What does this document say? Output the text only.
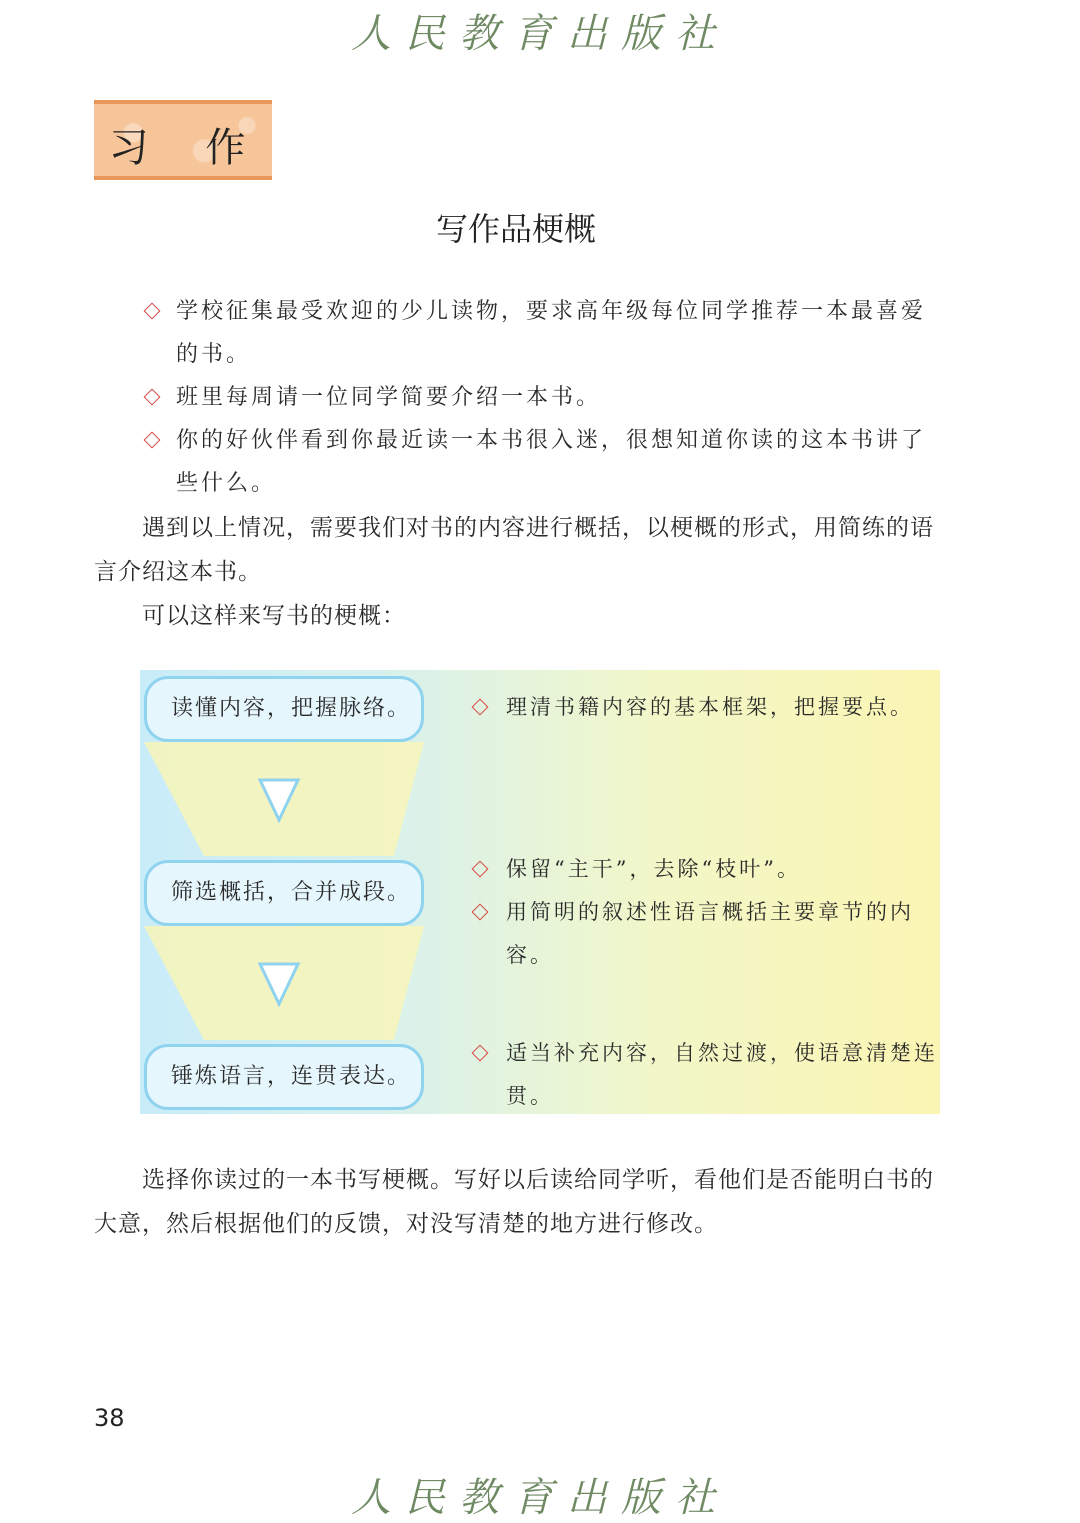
人民教育出版社
习 作
写作品梗概
学校征集最受欢迎的少儿读物，要求高年级每位同学推荐一本最喜爱的书。
班里每周请一位同学简要介绍一本书。
你的好伙伴看到你最近读一本书很入迷，很想知道你读的这本书讲了些什么。

遇到以上情况，需要我们对书的内容进行概括，以梗概的形式，用简练的语言介绍这本书。

可以这样来写书的梗概：

读懂内容，把握脉络。
筛选概括，合并成段。
锤炼语言，连贯表达。
理清书籍内容的基本框架，把握要点。
保留“主干”，去除“枝叶”。
用简明的叙述性语言概括主要章节的内容。
适当补充内容，自然过渡，使语意清楚连贯。

选择你读过的一本书写梗概。写好以后读给同学听，看他们是否能明白书的大意，然后根据他们的反馈，对没写清楚的地方进行修改。

38
人民教育出版社
